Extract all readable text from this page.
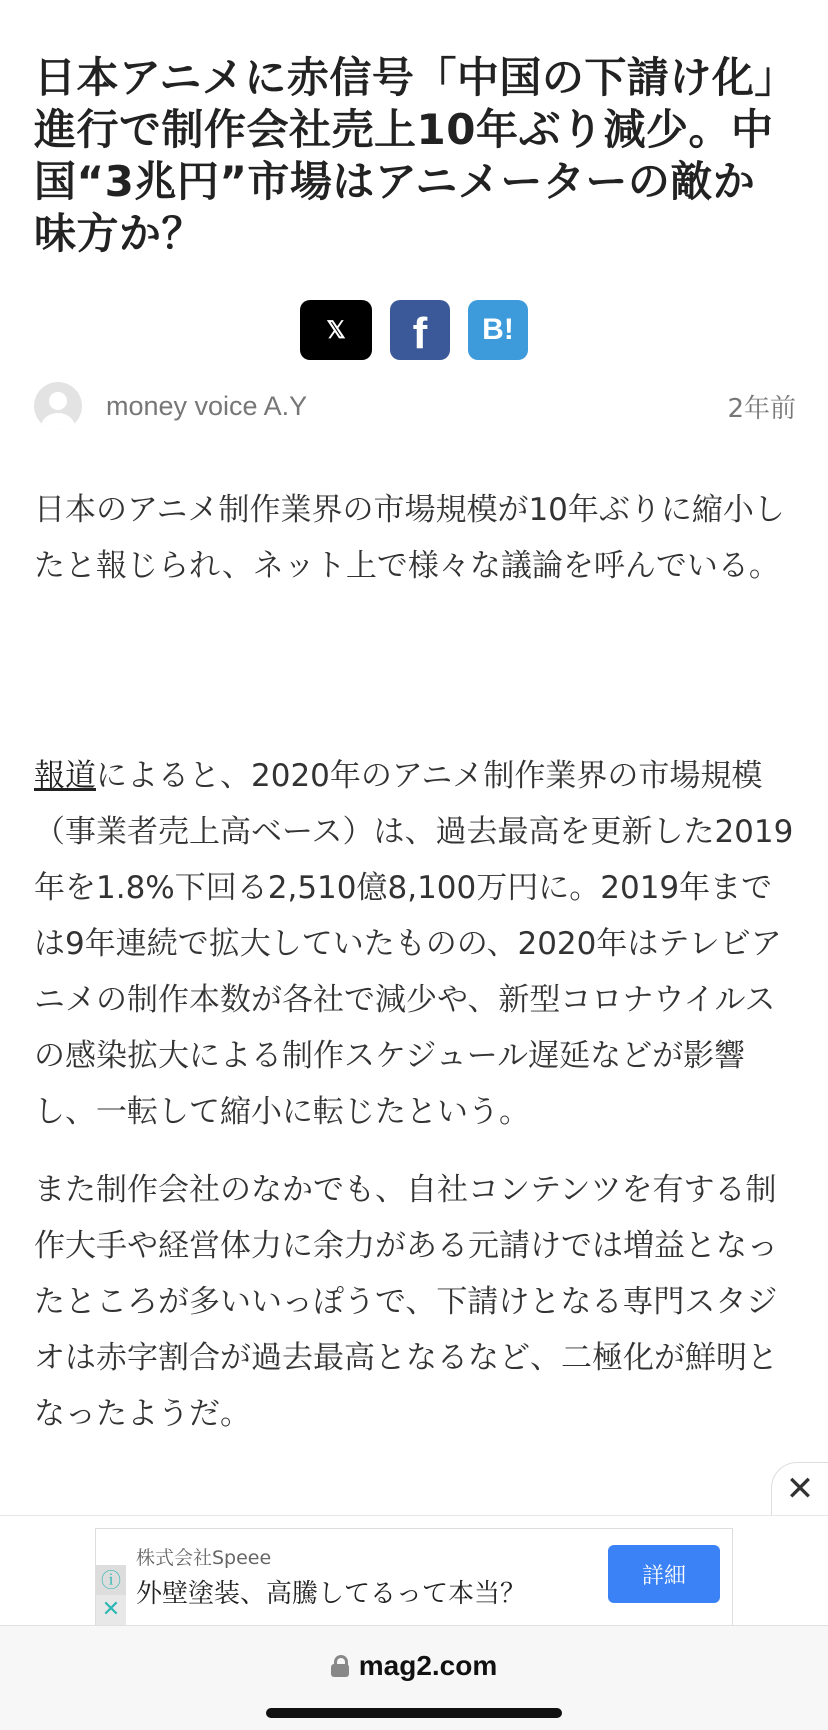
日本アニメに赤信号「中国の下請け化」進行で制作会社売上10年ぶり減少。中国“3兆円”市場はアニメーターの敵か味方か？
𝕏 f B!
money voice A.Y	2年前

日本のアニメ制作業界の市場規模が10年ぶりに縮小したと報じられ、ネット上で様々な議論を呼んでいる。

報道によると、2020年のアニメ制作業界の市場規模（事業者売上高ベース）は、過去最高を更新した2019年を1.8%下回る2,510億8,100万円に。2019年までは9年連続で拡大していたものの、2020年はテレビアニメの制作本数が各社で減少や、新型コロナウイルスの感染拡大による制作スケジュール遅延などが影響し、一転して縮小に転じたという。

また制作会社のなかでも、自社コンテンツを有する制作大手や経営体力に余力がある元請けでは増益となったところが多いいっぽうで、下請けとなる専門スタジオは赤字割合が過去最高となるなど、二極化が鮮明となったようだ。

✕
ⓘ
✕
株式会社Speee
外壁塗装、高騰してるって本当？
詳細
mag2.com
